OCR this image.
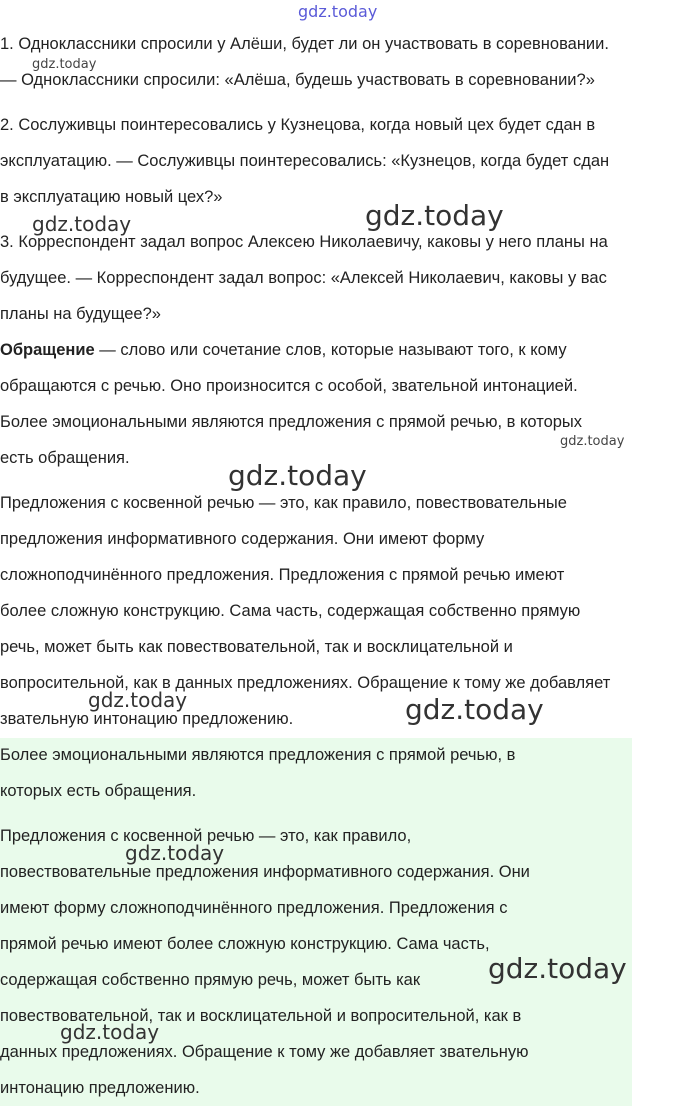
1. Одноклассники спросили у Алёши, будет ли он участвовать в соревновании.
— Одноклассники спросили: «Алёша, будешь участвовать в соревновании?»
2. Сослуживцы поинтересовались у Кузнецова, когда новый цех будет сдан в
эксплуатацию. — Сослуживцы поинтересовались: «Кузнецов, когда будет сдан
в эксплуатацию новый цех?»
3. Корреспондент задал вопрос Алексею Николаевичу, каковы у него планы на
будущее. — Корреспондент задал вопрос: «Алексей Николаевич, каковы у вас
планы на будущее?»
Обращение — слово или сочетание слов, которые называют того, к кому
обращаются с речью. Оно произносится с особой, звательной интонацией.
Более эмоциональными являются предложения с прямой речью, в которых
есть обращения.
Предложения с косвенной речью — это, как правило, повествовательные
предложения информативного содержания. Они имеют форму
сложноподчинённого предложения. Предложения с прямой речью имеют
более сложную конструкцию. Сама часть, содержащая собственно прямую
речь, может быть как повествовательной, так и восклицательной и
вопросительной, как в данных предложениях. Обращение к тому же добавляет
звательную интонацию предложению.
Более эмоциональными являются предложения с прямой речью, в
которых есть обращения.
Предложения с косвенной речью — это, как правило,
повествовательные предложения информативного содержания. Они
имеют форму сложноподчинённого предложения. Предложения с
прямой речью имеют более сложную конструкцию. Сама часть,
содержащая собственно прямую речь, может быть как
повествовательной, так и восклицательной и вопросительной, как в
данных предложениях. Обращение к тому же добавляет звательную
интонацию предложению.
gdz.today
gdz.today
gdz.today	gdz.today
gdz.today
gdz.today
gdz.today	gdz.today
gdz.today
gdz.today
gdz.today
